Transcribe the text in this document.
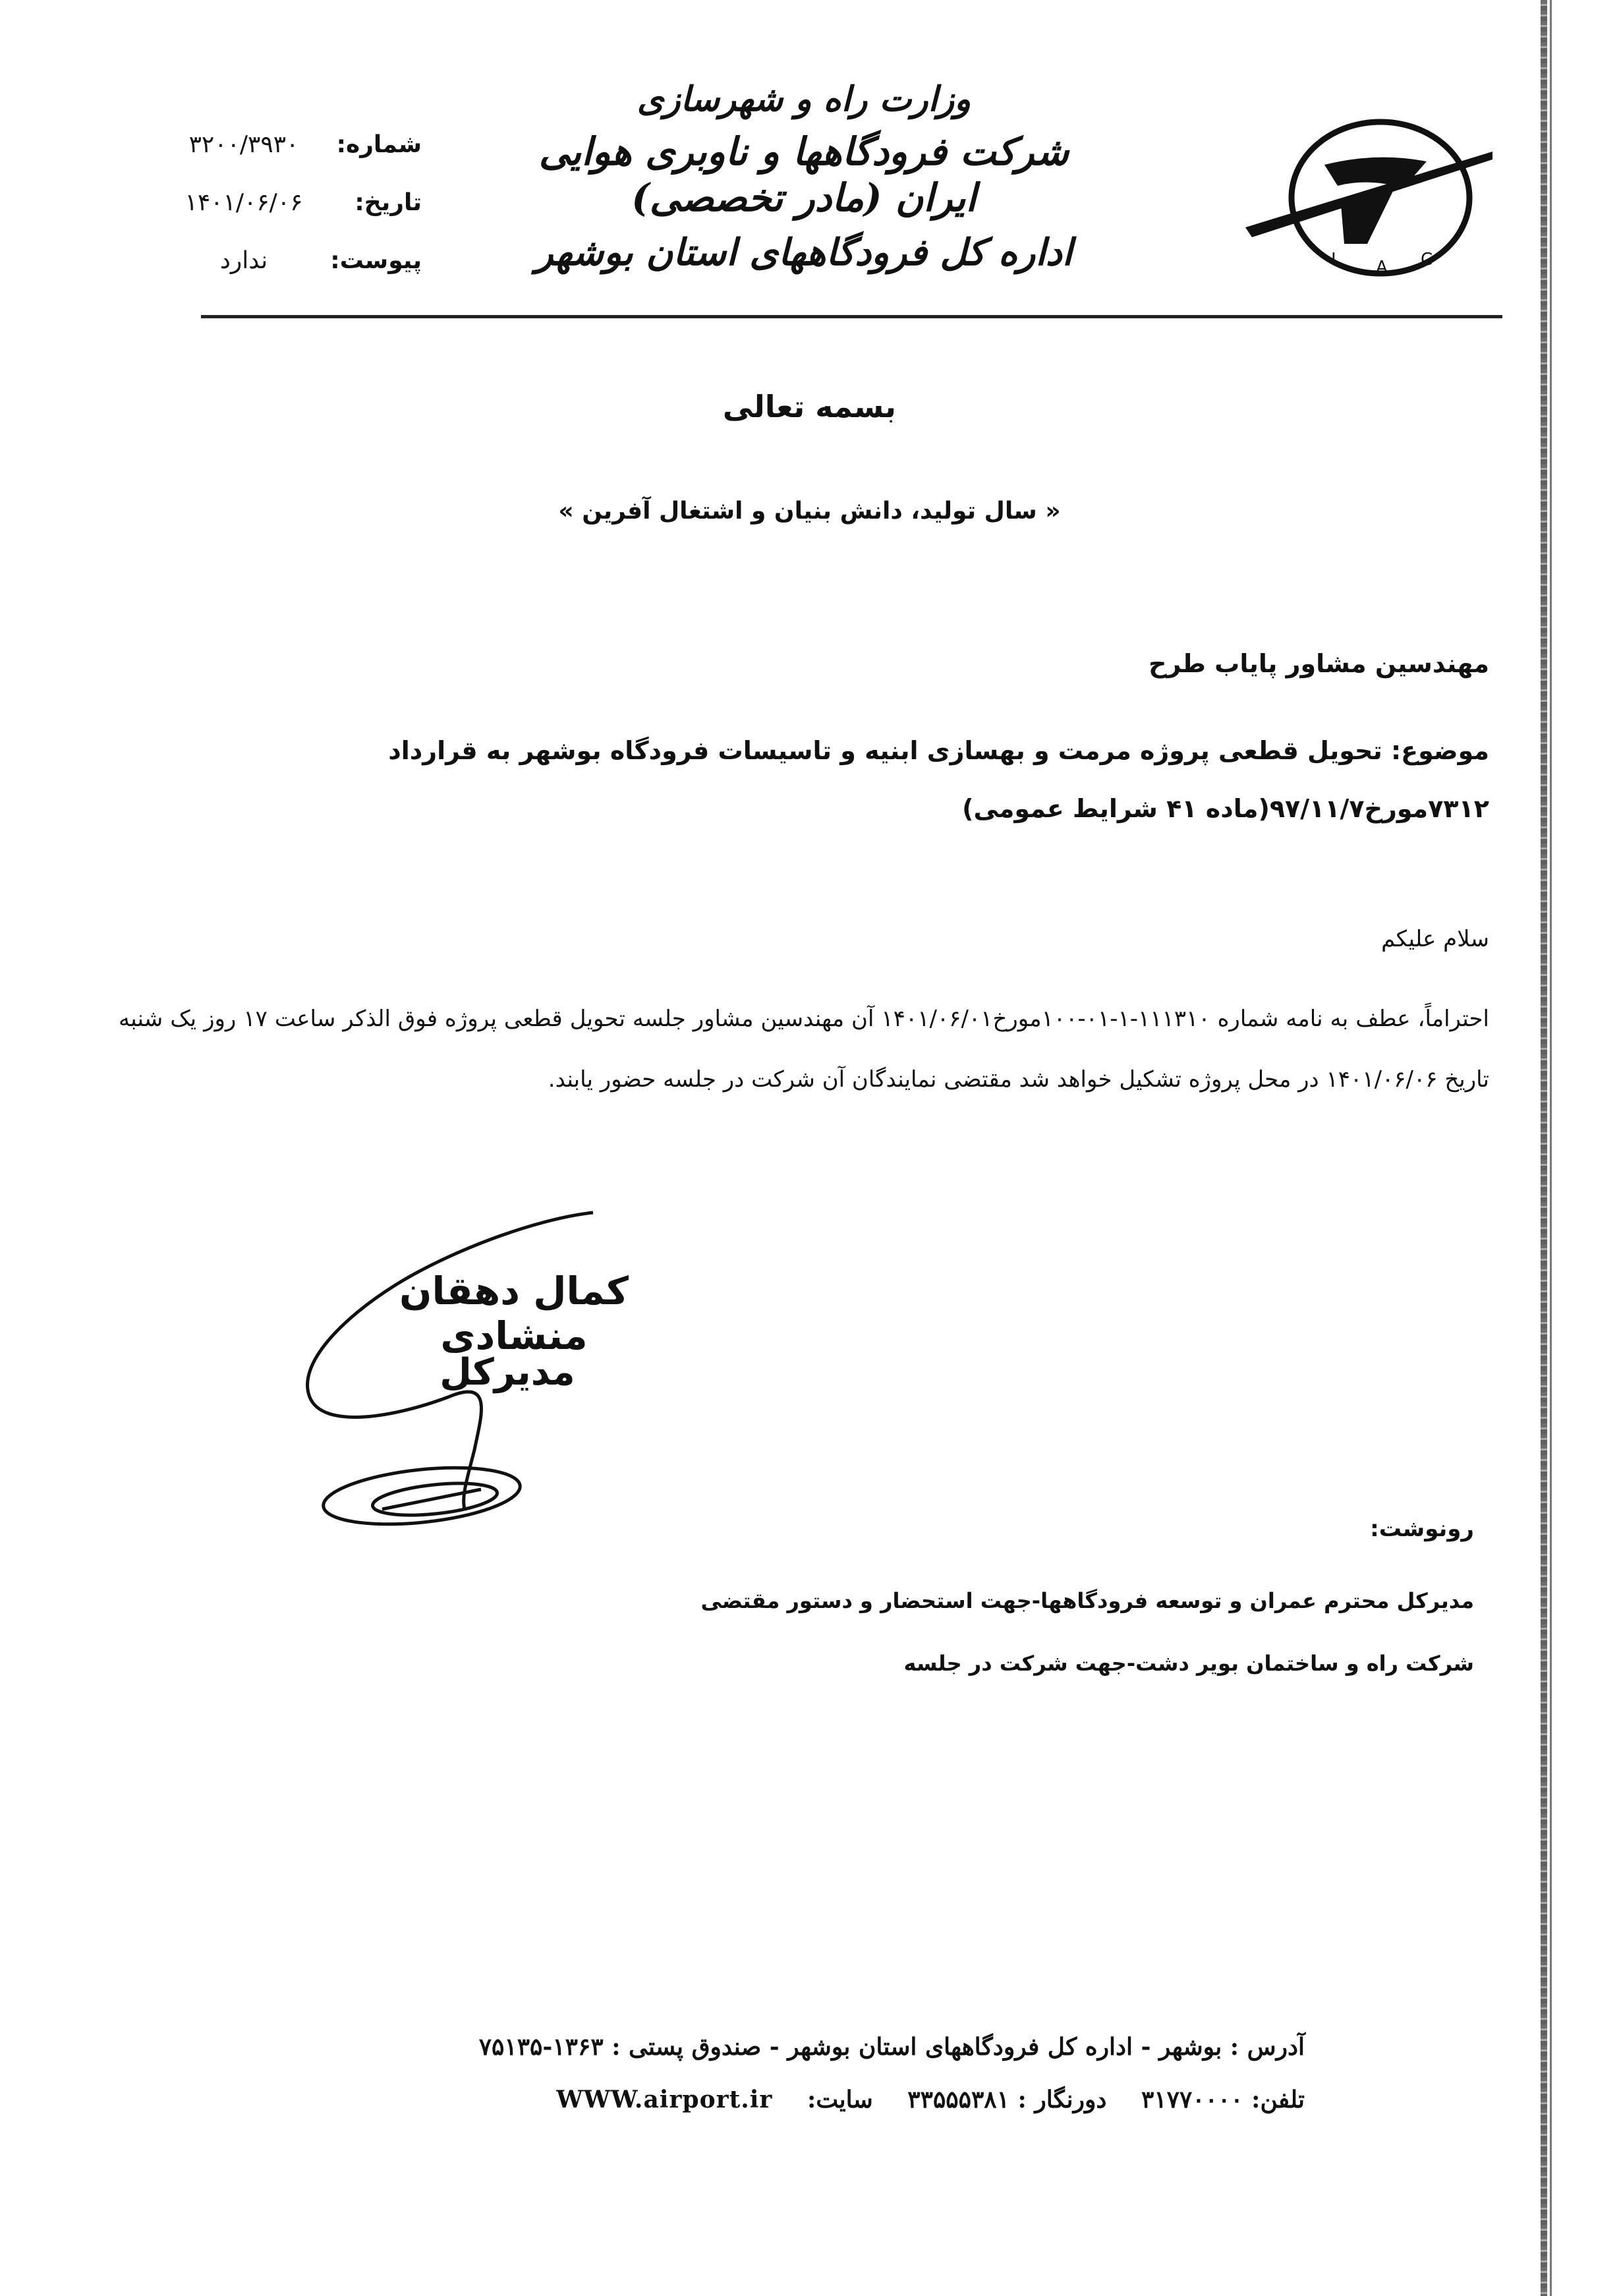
I A C
وزارت راه و شهرسازی
شرکت فرودگاهها و ناوبری هوایی ایران (مادر تخصصی)
اداره کل فرودگاههای استان بوشهر
شماره:
۳۲۰۰/۳۹۳۰
تاریخ:
۱۴۰۱/۰۶/۰۶
پیوست:
ندارد
بسمه تعالی
« سال تولید، دانش بنیان و اشتغال آفرین »
مهندسین مشاور پایاب طرح
موضوع: تحویل قطعی پروژه مرمت و بهسازی ابنیه و تاسیسات فرودگاه بوشهر به قرارداد ۷۳۱۲مورخ۹۷/۱۱/۷(ماده ۴۱ شرایط عمومی)
سلام علیکم
احتراماً، عطف به نامه شماره ۱۱۱۳۱۰-۱-۰۱-۱۰۰مورخ۱۴۰۱/۰۶/۰۱ آن مهندسین مشاور جلسه تحویل قطعی پروژه فوق الذکر ساعت ۱۷ روز یک شنبه تاریخ ۱۴۰۱/۰۶/۰۶ در محل پروژه تشکیل خواهد شد مقتضی نمایندگان آن شرکت در جلسه حضور یابند.
کمال دهقان منشادی
مدیرکل
رونوشت:
مدیرکل محترم عمران و توسعه فرودگاهها-جهت استحضار و دستور مقتضی
شرکت راه و ساختمان بویر دشت-جهت شرکت در جلسه
آدرس : بوشهر - اداره کل فرودگاههای استان بوشهر - صندوق پستی : ۱۳۶۳-۷۵۱۳۵
تلفن: ۳۱۷۷۰۰۰۰ دورنگار : ۳۳۵۵۵۳۸۱ سایت: WWW.airport.ir
